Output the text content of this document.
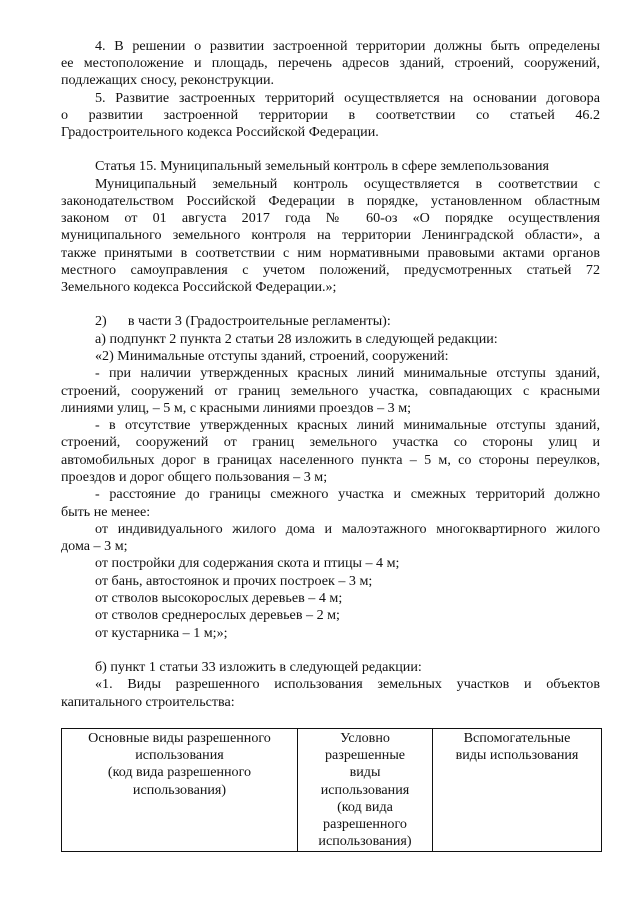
4. В решении о развитии застроенной территории должны быть определены
ее местоположение и площадь, перечень адресов зданий, строений, сооружений,
подлежащих сносу, реконструкции.
5. Развитие застроенных территорий осуществляется на основании договора
о развитии застроенной территории в соответствии со статьей 46.2
Градостроительного кодекса Российской Федерации.
Статья 15. Муниципальный земельный контроль в сфере землепользования
Муниципальный земельный контроль осуществляется в соответствии с
законодательством Российской Федерации в порядке, установленном областным
законом от 01 августа 2017 года № 60-оз «О порядке осуществления
муниципального земельного контроля на территории Ленинградской области», а
также принятыми в соответствии с ним нормативными правовыми актами органов
местного самоуправления с учетом положений, предусмотренных статьей 72
Земельного кодекса Российской Федерации.»;
2)      в части 3 (Градостроительные регламенты):
а) подпункт 2 пункта 2 статьи 28 изложить в следующей редакции:
«2) Минимальные отступы зданий, строений, сооружений:
- при наличии утвержденных красных линий минимальные отступы зданий,
строений, сооружений от границ земельного участка, совпадающих с красными
линиями улиц, – 5 м, с красными линиями проездов – 3 м;
- в отсутствие утвержденных красных линий минимальные отступы зданий,
строений, сооружений от границ земельного участка со стороны улиц и
автомобильных дорог в границах населенного пункта – 5 м, со стороны переулков,
проездов и дорог общего пользования – 3 м;
- расстояние до границы смежного участка и смежных территорий должно
быть не менее:
от индивидуального жилого дома и малоэтажного многоквартирного жилого
дома – 3 м;
от постройки для содержания скота и птицы – 4 м;
от бань, автостоянок и прочих построек – 3 м;
от стволов высокорослых деревьев – 4 м;
от стволов среднерослых деревьев – 2 м;
от кустарника – 1 м;»;
б) пункт 1 статьи 33 изложить в следующей редакции:
«1. Виды разрешенного использования земельных участков и объектов
капитального строительства:
Основные виды разрешенного
использования
(код вида разрешенного
использования)

Условно
разрешенные
виды
использования
(код вида
разрешенного
использования)

Вспомогательные
виды использования
